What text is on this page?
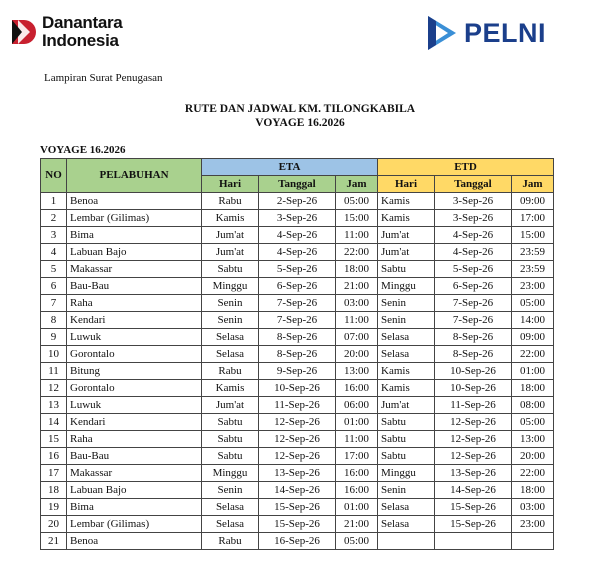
Danantara
Indonesia	PELNI
Lampiran Surat Penugasan
RUTE DAN JADWAL KM. TILONGKABILA
VOYAGE 16.2026
VOYAGE 16.2026
NO	PELABUHAN	ETA			ETD		
		Hari	Tanggal	Jam	Hari	Tanggal	Jam
1	Benoa	Rabu	2-Sep-26	05:00	Kamis	3-Sep-26	09:00
2	Lembar (Gilimas)	Kamis	3-Sep-26	15:00	Kamis	3-Sep-26	17:00
3	Bima	Jum'at	4-Sep-26	11:00	Jum'at	4-Sep-26	15:00
4	Labuan Bajo	Jum'at	4-Sep-26	22:00	Jum'at	4-Sep-26	23:59
5	Makassar	Sabtu	5-Sep-26	18:00	Sabtu	5-Sep-26	23:59
6	Bau-Bau	Minggu	6-Sep-26	21:00	Minggu	6-Sep-26	23:00
7	Raha	Senin	7-Sep-26	03:00	Senin	7-Sep-26	05:00
8	Kendari	Senin	7-Sep-26	11:00	Senin	7-Sep-26	14:00
9	Luwuk	Selasa	8-Sep-26	07:00	Selasa	8-Sep-26	09:00
10	Gorontalo	Selasa	8-Sep-26	20:00	Selasa	8-Sep-26	22:00
11	Bitung	Rabu	9-Sep-26	13:00	Kamis	10-Sep-26	01:00
12	Gorontalo	Kamis	10-Sep-26	16:00	Kamis	10-Sep-26	18:00
13	Luwuk	Jum'at	11-Sep-26	06:00	Jum'at	11-Sep-26	08:00
14	Kendari	Sabtu	12-Sep-26	01:00	Sabtu	12-Sep-26	05:00
15	Raha	Sabtu	12-Sep-26	11:00	Sabtu	12-Sep-26	13:00
16	Bau-Bau	Sabtu	12-Sep-26	17:00	Sabtu	12-Sep-26	20:00
17	Makassar	Minggu	13-Sep-26	16:00	Minggu	13-Sep-26	22:00
18	Labuan Bajo	Senin	14-Sep-26	16:00	Senin	14-Sep-26	18:00
19	Bima	Selasa	15-Sep-26	01:00	Selasa	15-Sep-26	03:00
20	Lembar (Gilimas)	Selasa	15-Sep-26	21:00	Selasa	15-Sep-26	23:00
21	Benoa	Rabu	16-Sep-26	05:00			
